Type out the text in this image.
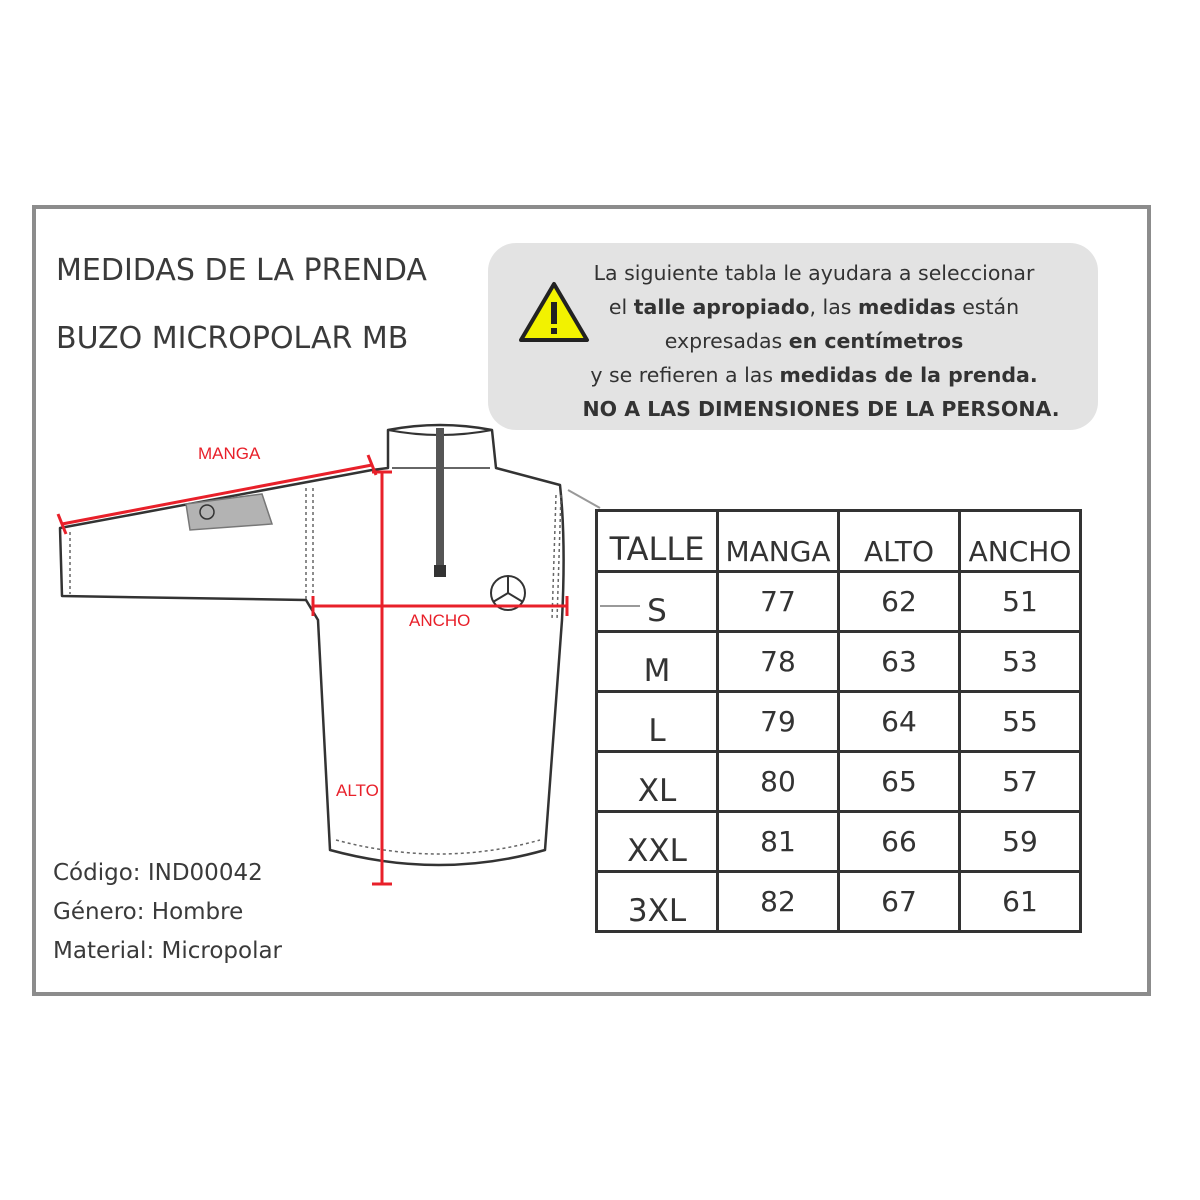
MEDIDAS DE LA PRENDA
BUZO MICROPOLAR MB
La siguiente tabla le ayudara a seleccionar
el talle apropiado, las medidas están
expresadas en centímetros
y se refieren a las medidas de la prenda.
NO A LAS DIMENSIONES DE LA PERSONA.
MANGA
ANCHO
ALTO
Código: IND00042
Género: Hombre
Material: Micropolar
TALLE	MANGA	ALTO	ANCHO
S	77	62	51
M	78	63	53
L	79	64	55
XL	80	65	57
XXL	81	66	59
3XL	82	67	61
